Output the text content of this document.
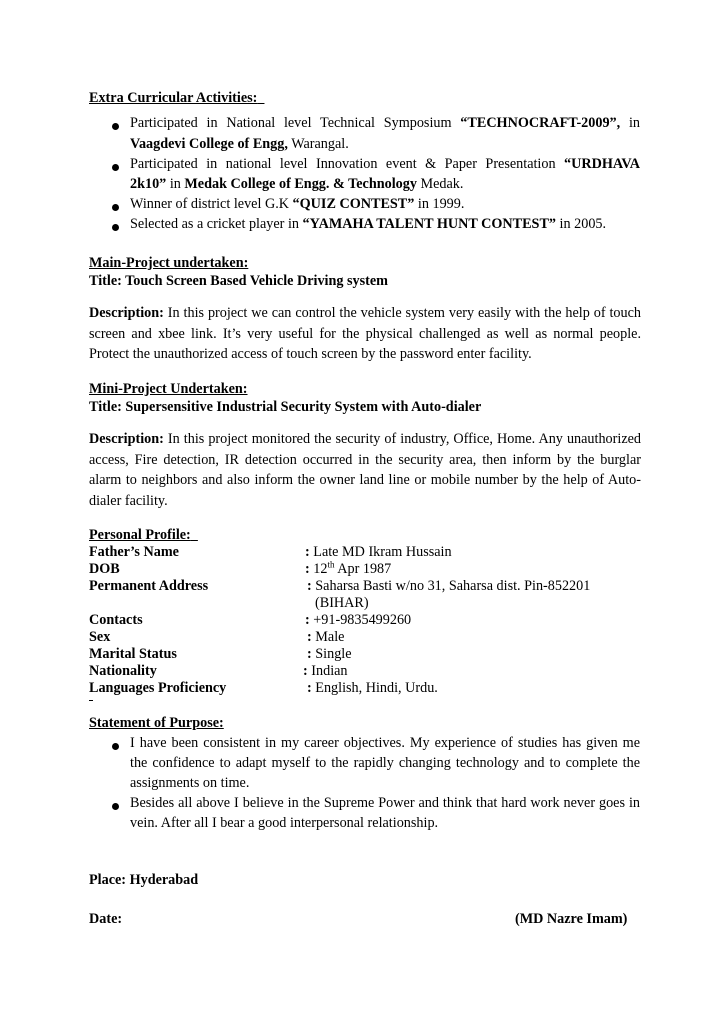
Extra Curricular Activities:
Participated in National level Technical Symposium “TECHNOCRAFT-2009”, in
Vaagdevi College of Engg, Warangal.
Participated in national level Innovation event & Paper Presentation “URDHAVA
2k10” in Medak College of Engg. & Technology Medak.
Winner of district level G.K “QUIZ CONTEST” in 1999.
Selected as a cricket player in “YAMAHA TALENT HUNT CONTEST” in 2005.
Main-Project undertaken:
Title: Touch Screen Based Vehicle Driving system
Description: In this project we can control the vehicle system very easily with the help of touch screen and xbee link. It’s very useful for the physical challenged as well as normal people. Protect the unauthorized access of touch screen by the password enter facility.
Mini-Project Undertaken:
Title: Supersensitive Industrial Security System with Auto-dialer
Description: In this project monitored the security of industry, Office, Home. Any unauthorized access, Fire detection, IR detection occurred in the security area, then inform by the burglar alarm to neighbors and also inform the owner land line or mobile number by the help of Auto-dialer facility.
Personal Profile:
Father’s Name	: Late MD Ikram Hussain
DOB	: 12th Apr 1987
Permanent Address	: Saharsa Basti w/no 31, Saharsa dist. Pin-852201
(BIHAR)
Contacts	: +91-9835499260
Sex	: Male
Marital Status	: Single
Nationality	: Indian
Languages Proficiency	: English, Hindi, Urdu.
Statement of Purpose:
I have been consistent in my career objectives. My experience of studies has given me the confidence to adapt myself to the rapidly changing technology and to complete the assignments on time.
Besides all above I believe in the Supreme Power and think that hard work never goes in vein. After all I bear a good interpersonal relationship.
Place: Hyderabad
Date:	(MD Nazre Imam)
